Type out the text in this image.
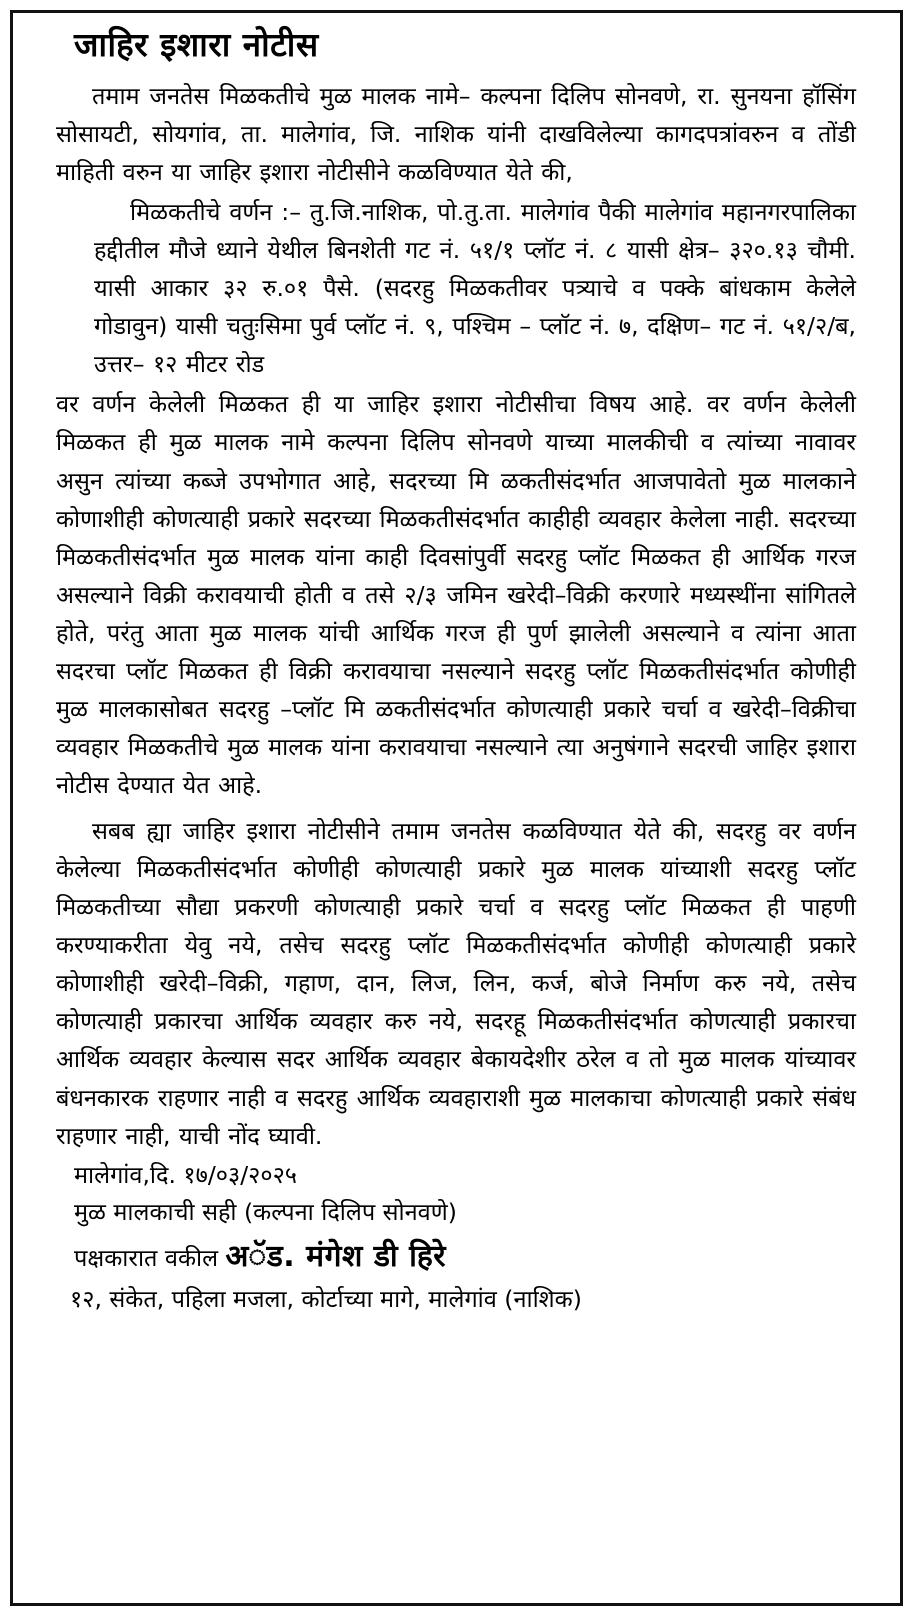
जाहिर इशारा नोटीस

तमाम जनतेस मिळकतीचे मुळ मालक नामे– कल्पना दिलिप सोनवणे, रा. सुनयना हॉसिंग सोसायटी, सोयगांव, ता. मालेगांव, जि. नाशिक यांनी दाखविलेल्या कागदपत्रांवरुन व तोंडी माहिती वरुन या जाहिर इशारा नोटीसीने कळविण्यात येते की,

मिळकतीचे वर्णन :– तु.जि.नाशिक, पो.तु.ता. मालेगांव पैकी मालेगांव महानगरपालिका हद्दीतील मौजे ध्याने येथील बिनशेती गट नं. ५१/१ प्लॉट नं. ८ यासी क्षेत्र– ३२०.१३ चौमी. यासी आकार ३२ रु.०१ पैसे. (सदरहु मिळकतीवर पत्र्याचे व पक्के बांधकाम केलेले गोडावुन) यासी चतुःसिमा पुर्व प्लॉट नं. ९, पश्चिम – प्लॉट नं. ७, दक्षिण– गट नं. ५१/२/ब, उत्तर– १२ मीटर रोड

वर वर्णन केलेली मिळकत ही या जाहिर इशारा नोटीसीचा विषय आहे. वर वर्णन केलेली मिळकत ही मुळ मालक नामे कल्पना दिलिप सोनवणे याच्या मालकीची व त्यांच्या नावावर असुन त्यांच्या कब्जे उपभोगात आहे, सदरच्या मि ळकतीसंदर्भात आजपावेतो मुळ मालकाने कोणाशीही कोणत्याही प्रकारे सदरच्या मिळकतीसंदर्भात काहीही व्यवहार केलेला नाही. सदरच्या मिळकतीसंदर्भात मुळ मालक यांना काही दिवसांपुर्वी सदरहु प्लॉट मिळकत ही आर्थिक गरज असल्याने विक्री करावयाची होती व तसे २/३ जमिन खरेदी–विक्री करणारे मध्यस्थींना सांगितले होते, परंतु आता मुळ मालक यांची आर्थिक गरज ही पुर्ण झालेली असल्याने व त्यांना आता सदरचा प्लॉट मिळकत ही विक्री करावयाचा नसल्याने सदरहु प्लॉट मिळकतीसंदर्भात कोणीही मुळ मालकासोबत सदरहु –प्लॉट मि ळकतीसंदर्भात कोणत्याही प्रकारे चर्चा व खरेदी–विक्रीचा व्यवहार मिळकतीचे मुळ मालक यांना करावयाचा नसल्याने त्या अनुषंगाने सदरची जाहिर इशारा नोटीस देण्यात येत आहे.

सबब ह्या जाहिर इशारा नोटीसीने तमाम जनतेस कळविण्यात येते की, सदरहु वर वर्णन केलेल्या मिळकतीसंदर्भात कोणीही कोणत्याही प्रकारे मुळ मालक यांच्याशी सदरहु प्लॉट मिळकतीच्या सौद्या प्रकरणी कोणत्याही प्रकारे चर्चा व सदरहु प्लॉट मिळकत ही पाहणी करण्याकरीता येवु नये, तसेच सदरहु प्लॉट मिळकतीसंदर्भात कोणीही कोणत्याही प्रकारे कोणाशीही खरेदी–विक्री, गहाण, दान, लिज, लिन, कर्ज, बोजे निर्माण करु नये, तसेच कोणत्याही प्रकारचा आर्थिक व्यवहार करु नये, सदरहू मिळकतीसंदर्भात कोणत्याही प्रकारचा आर्थिक व्यवहार केल्यास सदर आर्थिक व्यवहार बेकायदेशीर ठरेल व तो मुळ मालक यांच्यावर बंधनकारक राहणार नाही व सदरहु आर्थिक व्यवहाराशी मुळ मालकाचा कोणत्याही प्रकारे संबंध राहणार नाही, याची नोंद घ्यावी.

मालेगांव,दि. १७/०३/२०२५

मुळ मालकाची सही (कल्पना दिलिप सोनवणे)

पक्षकारात वकील अॅड. मंगेश डी हिरे

१२, संकेत, पहिला मजला, कोर्टाच्या मागे, मालेगांव (नाशिक)
